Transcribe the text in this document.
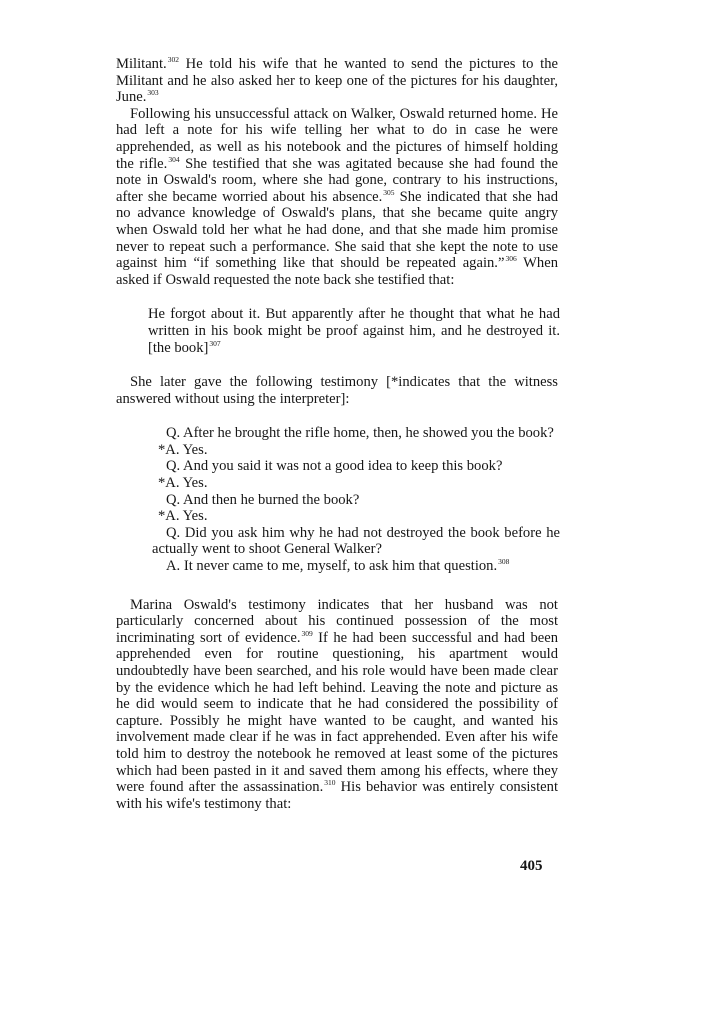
Militant.$^{302}$ He told his wife that he wanted to send the pictures to the Militant and he also asked her to keep one of the pictures for his daughter, June.$^{303}$

Following his unsuccessful attack on Walker, Oswald returned home. He had left a note for his wife telling her what to do in case he were apprehended, as well as his notebook and the pictures of himself holding the rifle.$^{304}$ She testified that she was agitated because she had found the note in Oswald's room, where she had gone, contrary to his instructions, after she became worried about his absence.$^{305}$ She indicated that she had no advance knowledge of Oswald's plans, that she became quite angry when Oswald told her what he had done, and that she made him promise never to repeat such a performance. She said that she kept the note to use against him “if something like that should be repeated again.”$^{306}$ When asked if Oswald requested the note back she testified that:

He forgot about it. But apparently after he thought that what he had written in his book might be proof against him, and he destroyed it. [the book]$^{307}$

She later gave the following testimony [*indicates that the witness answered without using the interpreter]:

Q. After he brought the rifle home, then, he showed you the book?

*A. Yes.

Q. And you said it was not a good idea to keep this book?

*A. Yes.

Q. And then he burned the book?

*A. Yes.

Q. Did you ask him why he had not destroyed the book before he actually went to shoot General Walker?

A. It never came to me, myself, to ask him that question.$^{308}$

Marina Oswald's testimony indicates that her husband was not particularly concerned about his continued possession of the most incriminating sort of evidence.$^{309}$ If he had been successful and had been apprehended even for routine questioning, his apartment would undoubtedly have been searched, and his role would have been made clear by the evidence which he had left behind. Leaving the note and picture as he did would seem to indicate that he had considered the possibility of capture. Possibly he might have wanted to be caught, and wanted his involvement made clear if he was in fact apprehended. Even after his wife told him to destroy the notebook he removed at least some of the pictures which had been pasted in it and saved them among his effects, where they were found after the assassination.$^{310}$ His behavior was entirely consistent with his wife's testimony that:

405
